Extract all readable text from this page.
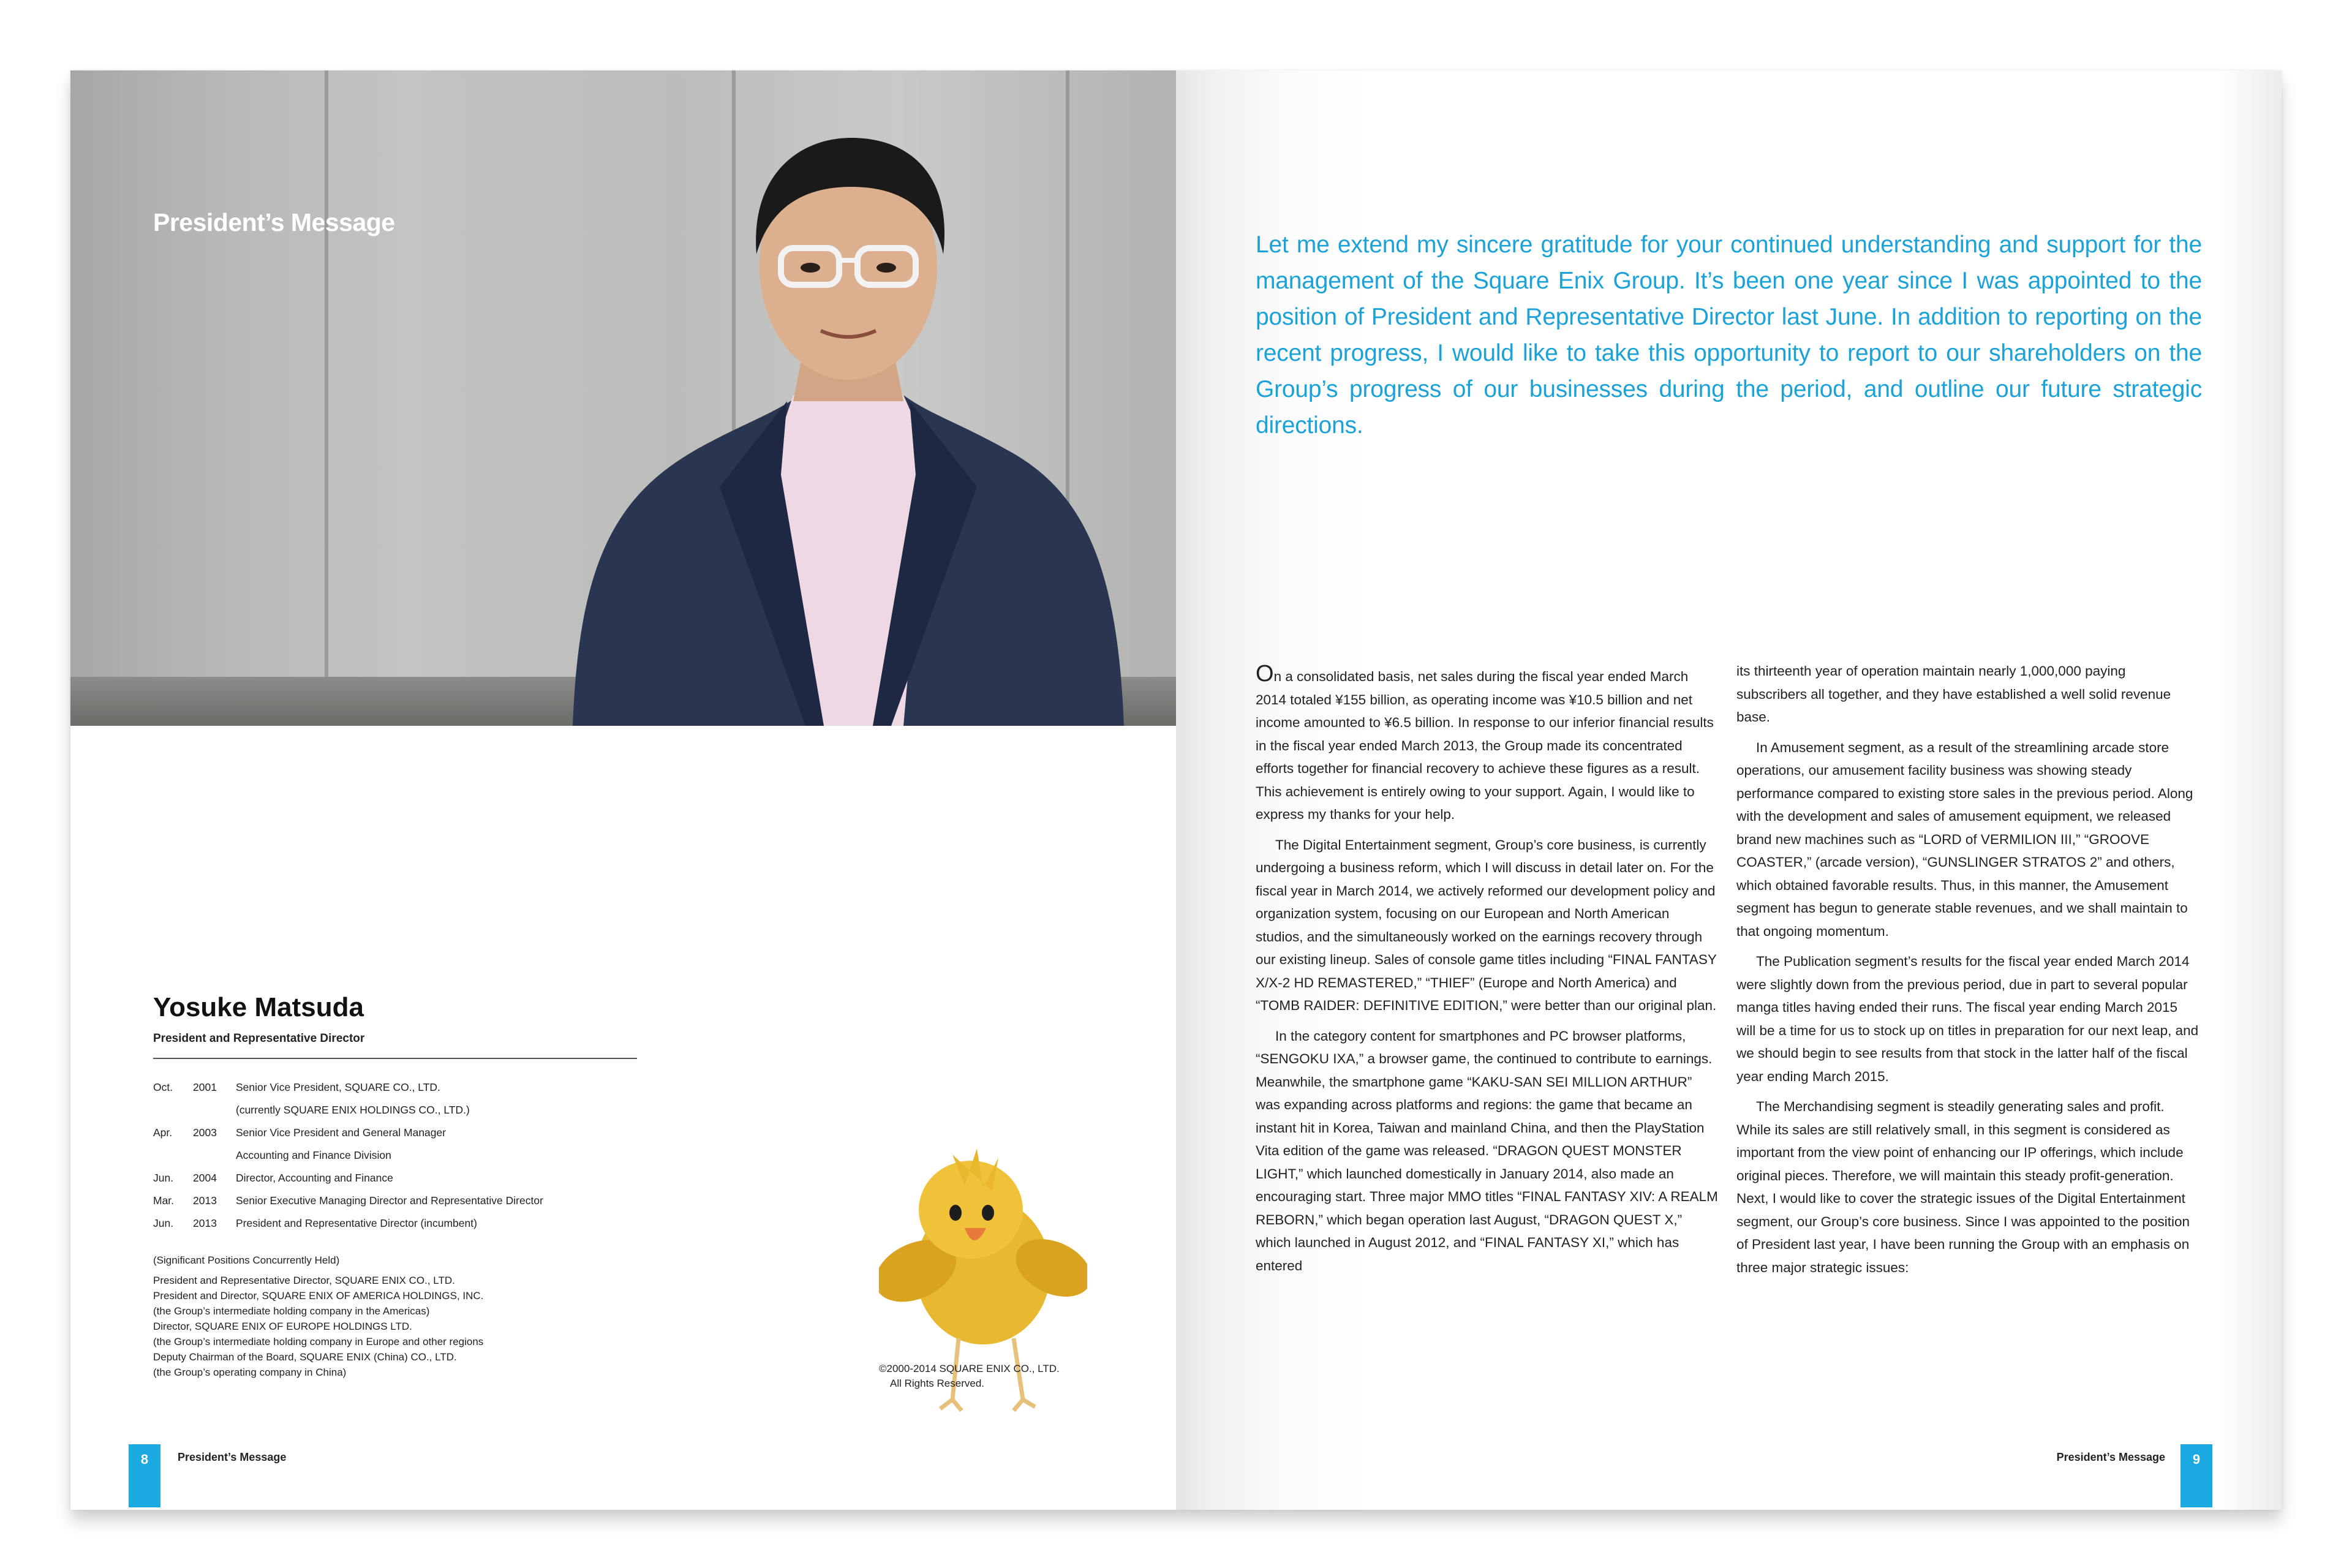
President’s Message
Yosuke Matsuda
President and Representative Director
Oct.	2001	Senior Vice President, SQUARE CO., LTD.
(currently SQUARE ENIX HOLDINGS CO., LTD.)
Apr.	2003	Senior Vice President and General Manager
Accounting and Finance Division
Jun.	2004	Director, Accounting and Finance
Mar.	2013	Senior Executive Managing Director and Representative Director
Jun.	2013	President and Representative Director (incumbent)
(Significant Positions Concurrently Held)
President and Representative Director, SQUARE ENIX CO., LTD.
President and Director, SQUARE ENIX OF AMERICA HOLDINGS, INC.
(the Group’s intermediate holding company in the Americas)
Director, SQUARE ENIX OF EUROPE HOLDINGS LTD.
(the Group’s intermediate holding company in Europe and other regions
Deputy Chairman of the Board, SQUARE ENIX (China) CO., LTD.
(the Group’s operating company in China)	©2000-2014 SQUARE ENIX CO., LTD.
All Rights Reserved.
8	President’s Message
Let me extend my sincere gratitude for your continued understanding and support for the management of the Square Enix Group. It’s been one year since I was appointed to the position of President and Representative Director last June. In addition to reporting on the recent progress, I would like to take this opportunity to report to our shareholders on the Group’s progress of our businesses during the period, and outline our future strategic directions.

On a consolidated basis, net sales during the fiscal year ended March 2014 totaled ¥155 billion, as operating income was ¥10.5 billion and net income amounted to ¥6.5 billion. In response to our inferior financial results in the fiscal year ended March 2013, the Group made its concentrated efforts together for financial recovery to achieve these figures as a result. This achievement is entirely owing to your support. Again, I would like to express my thanks for your help.

The Digital Entertainment segment, Group’s core business, is currently undergoing a business reform, which I will discuss in detail later on. For the fiscal year in March 2014, we actively reformed our development policy and organization system, focusing on our European and North American studios, and the simultaneously worked on the earnings recovery through our existing lineup. Sales of console game titles including “FINAL FANTASY X/X-2 HD REMASTERED,” “THIEF” (Europe and North America) and “TOMB RAIDER: DEFINITIVE EDITION,” were better than our original plan.

In the category content for smartphones and PC browser platforms, “SENGOKU IXA,” a browser game, the continued to contribute to earnings. Meanwhile, the smartphone game “KAKU-SAN SEI MILLION ARTHUR” was expanding across platforms and regions: the game that became an instant hit in Korea, Taiwan and mainland China, and then the PlayStation Vita edition of the game was released. “DRAGON QUEST MONSTER LIGHT,” which launched domestically in January 2014, also made an encouraging start. Three major MMO titles “FINAL FANTASY XIV: A REALM REBORN,” which began operation last August, “DRAGON QUEST X,” which launched in August 2012, and “FINAL FANTASY XI,” which has entered

its thirteenth year of operation maintain nearly 1,000,000 paying subscribers all together, and they have established a well solid revenue base.

In Amusement segment, as a result of the streamlining arcade store operations, our amusement facility business was showing steady performance compared to existing store sales in the previous period. Along with the development and sales of amusement equipment, we released brand new machines such as “LORD of VERMILION III,” “GROOVE COASTER,” (arcade version), “GUNSLINGER STRATOS 2” and others, which obtained favorable results. Thus, in this manner, the Amusement segment has begun to generate stable revenues, and we shall maintain to that ongoing momentum.

The Publication segment’s results for the fiscal year ended March 2014 were slightly down from the previous period, due in part to several popular manga titles having ended their runs. The fiscal year ending March 2015 will be a time for us to stock up on titles in preparation for our next leap, and we should begin to see results from that stock in the latter half of the fiscal year ending March 2015.

The Merchandising segment is steadily generating sales and profit. While its sales are still relatively small, in this segment is considered as important from the view point of enhancing our IP offerings, which include original pieces. Therefore, we will maintain this steady profit-generation. Next, I would like to cover the strategic issues of the Digital Entertainment segment, our Group’s core business. Since I was appointed to the position of President last year, I have been running the Group with an emphasis on three major strategic issues:

President’s Message	9
